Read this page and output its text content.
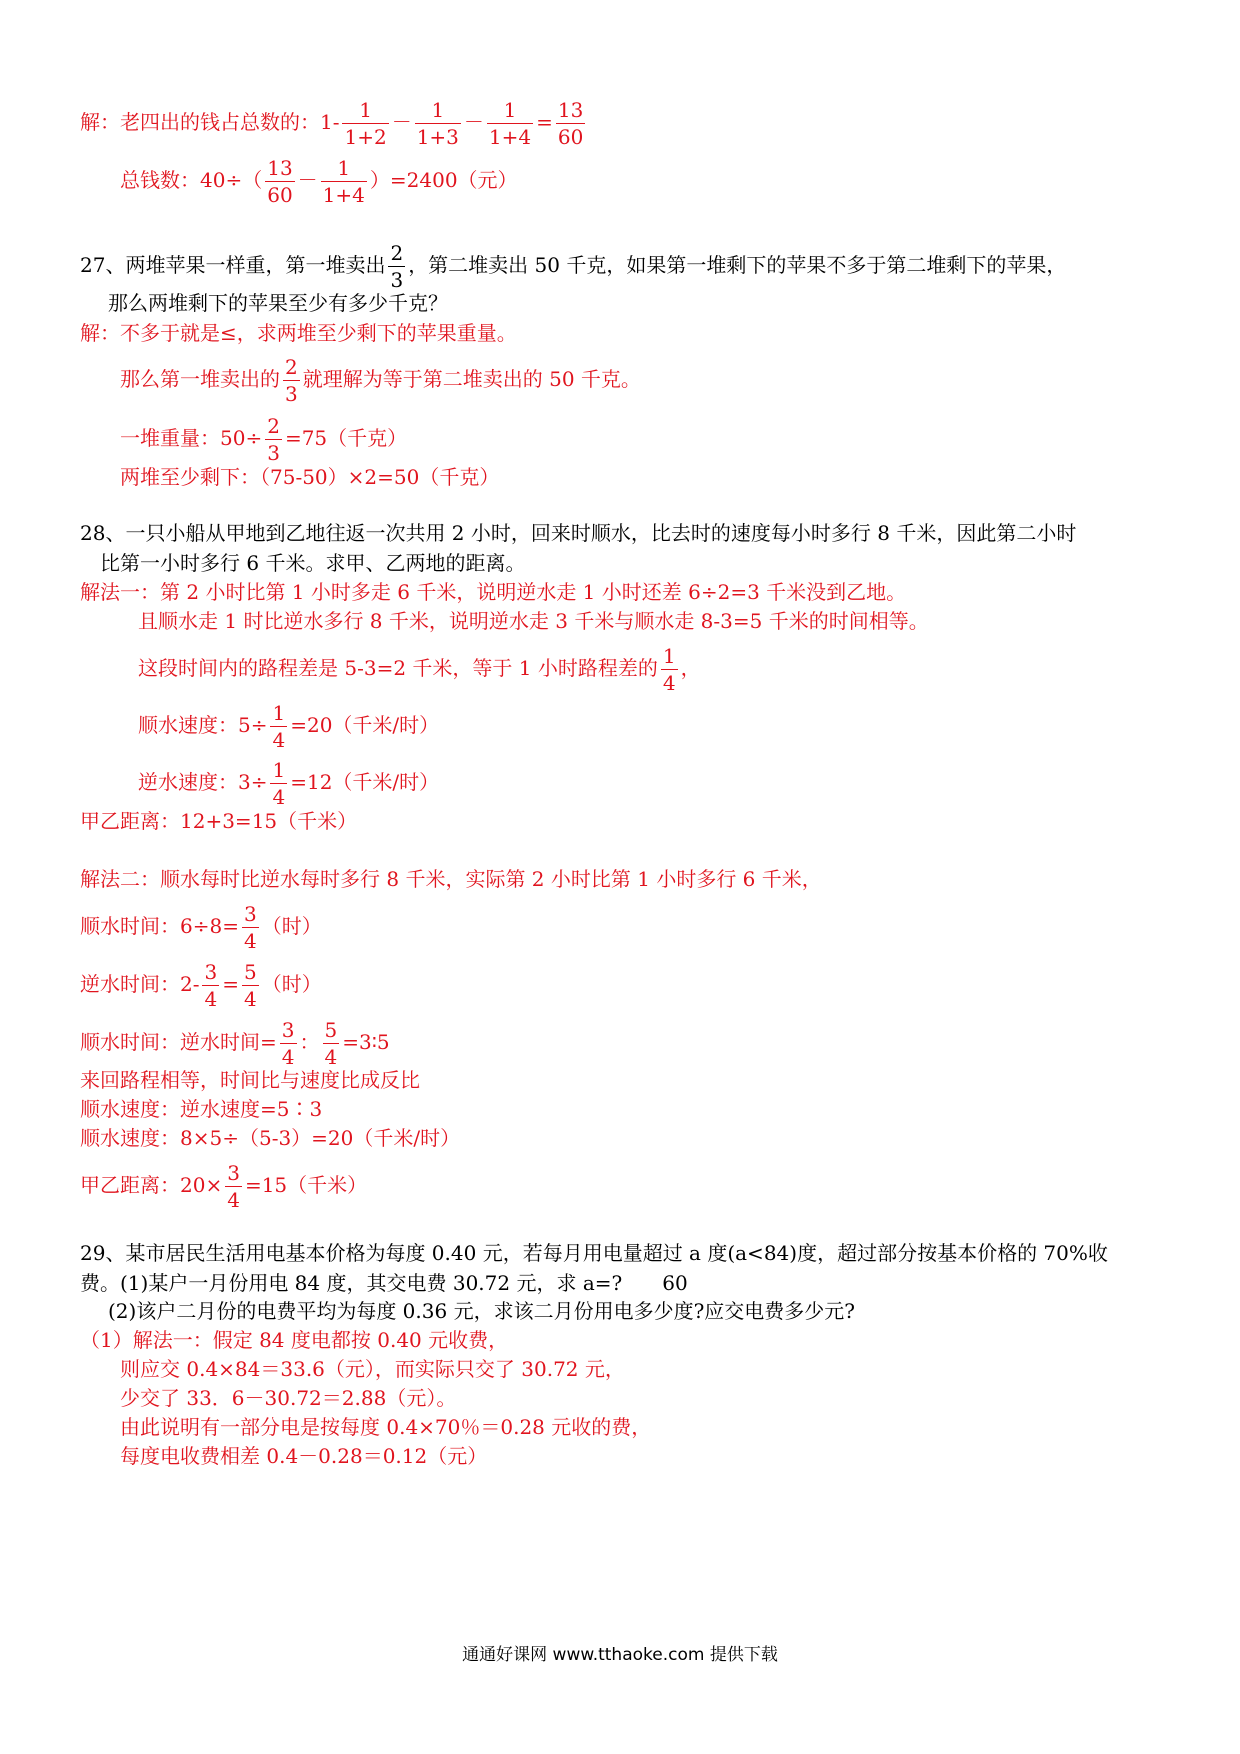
解：老四出的钱占总数的：$1- \frac{1}{1+2} - \frac{1}{1+3} - \frac{1}{1+4} = \frac{13}{60}$
总钱数：$40\div( \frac{13}{60} - \frac{1}{1+4} )=2400$（元）
27、两堆苹果一样重，第一堆卖出 $\frac{2}{3}$ ，第二堆卖出 50 千克，如果第一堆剩下的苹果不多于第二堆剩下的苹果，
那么两堆剩下的苹果至少有多少千克？
解：不多于就是≤，求两堆至少剩下的苹果重量。
那么第一堆卖出的 $\frac{2}{3}$ 就理解为等于第二堆卖出的 50 千克。
一堆重量：$50\div \frac{2}{3} =75$（千克）
两堆至少剩下：（75-50）×2=50（千克）
28、一只小船从甲地到乙地往返一次共用 2 小时，回来时顺水，比去时的速度每小时多行 8 千米，因此第二小时
比第一小时多行 6 千米。求甲、乙两地的距离。
解法一：第 2 小时比第 1 小时多走 6 千米，说明逆水走 1 小时还差 6÷2=3 千米没到乙地。
且顺水走 1 时比逆水多行 8 千米，说明逆水走 3 千米与顺水走 8-3=5 千米的时间相等。
这段时间内的路程差是 5-3=2 千米，等于 1 小时路程差的 $\frac{1}{4}$ ，
顺水速度：$5\div \frac{1}{4} =20$（千米/时）
逆水速度：$3\div \frac{1}{4} =12$（千米/时）
甲乙距离：12+3=15（千米）
解法二：顺水每时比逆水每时多行 8 千米，实际第 2 小时比第 1 小时多行 6 千米，
顺水时间：$6\div 8= \frac{3}{4}$ （时）
逆水时间：$2- \frac{3}{4} = \frac{5}{4}$ （时）
顺水时间：逆水时间= $\frac{3}{4}$ ： $\frac{5}{4}$ =3∶5
来回路程相等，时间比与速度比成反比
顺水速度：逆水速度=5∶3
顺水速度：8×5÷（5-3）=20（千米/时）
甲乙距离：$20\times \frac{3}{4} =15$（千米）
29、某市居民生活用电基本价格为每度 0.40 元，若每月用电量超过 a 度(a<84)度，超过部分按基本价格的 70%收
费。(1)某户一月份用电 84 度，其交电费 30.72 元，求 a=? 60
(2)该户二月份的电费平均为每度 0.36 元，求该二月份用电多少度?应交电费多少元?
（1）解法一：假定 84 度电都按 0.40 元收费，
则应交 0.4×84＝33.6（元），而实际只交了 30.72 元，
少交了 33．6－30.72＝2.88（元）。
由此说明有一部分电是按每度 0.4×70％＝0.28 元收的费，
每度电收费相差 0.4－0.28＝0.12（元）
通通好课网 www.tthaoke.com 提供下载
